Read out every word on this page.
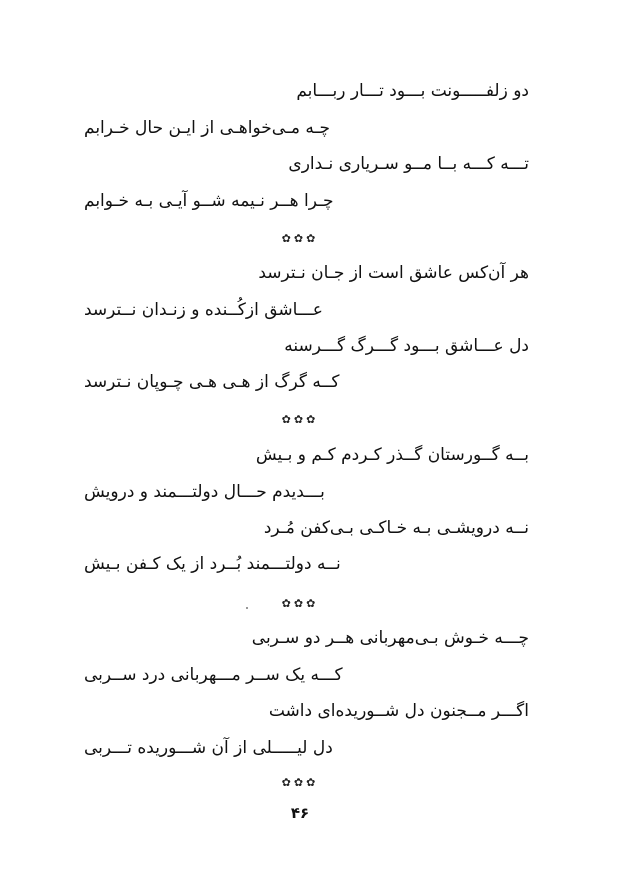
دو زلفـــــونت بـــود تـــار ربـــابم
چـه مـی‌خواهـی از ایـن حال خـرابم
تـــه کـــه بــا مــو سـریاری نـداری
چـرا هــر نـیمه شــو آیـی بـه خـوابم
✿✿✿
هر آن‌کس عاشق است از جـان نـترسد
عـــاشق ازکُــنده و زنـدان نــترسد
دل عـــاشق بـــود گـــرگ گـــرسنه
کــه گرگ از هـی هـی چـوپان نـترسد
✿✿✿
بــه گــورستان گــذر کـردم کـم و بـیش
بـــدیدم حـــال دولتـــمند و درویش
نــه درویشـی بـه خـاکـی بـی‌کفن مُـرد
نــه دولتـــمند بُــرد از یک کـفن بـیش
✿✿✿
چـــه خـوش بـی‌مهربانی هــر دو سـربی
کـــه یک ســر مـــهربانی درد ســربی
اگـــر مــجنون دل شــوریده‌ای داشت
دل لیـــــلی از آن شـــوریده تـــربی
✿✿✿
۴۶
